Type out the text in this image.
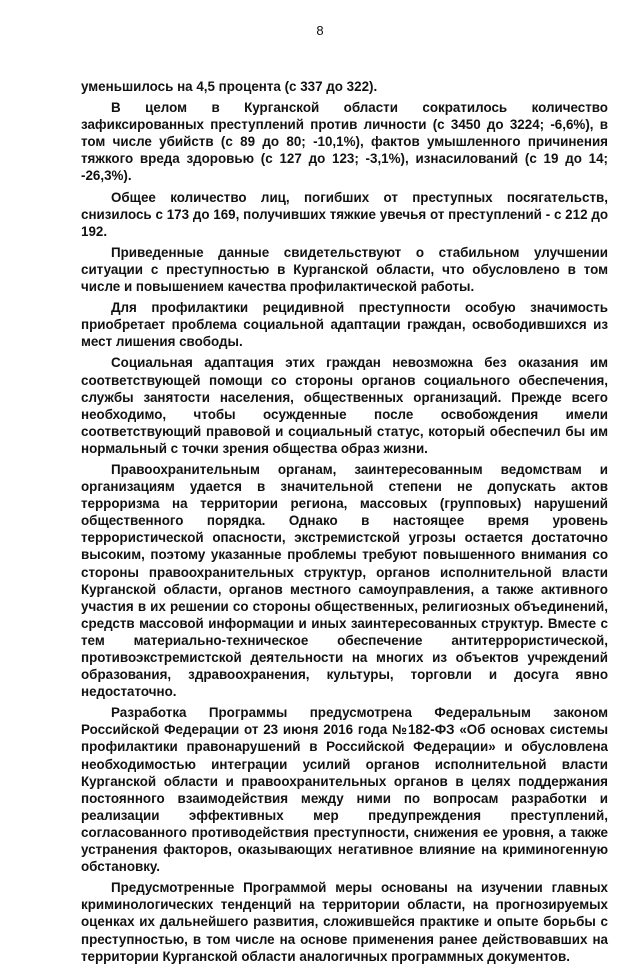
8

уменьшилось на 4,5 процента (с 337 до 322).

В целом в Курганской области сократилось количество зафиксированных преступлений против личности (с 3450 до 3224; -6,6%), в том числе убийств (с 89 до 80; -10,1%), фактов умышленного причинения тяжкого вреда здоровью (с 127 до 123; -3,1%), изнасилований (с 19 до 14; -26,3%).

Общее количество лиц, погибших от преступных посягательств, снизилось с 173 до 169, получивших тяжкие увечья от преступлений - с 212 до 192.

Приведенные данные свидетельствуют о стабильном улучшении ситуации с преступностью в Курганской области, что обусловлено в том числе и повышением качества профилактической работы.

Для профилактики рецидивной преступности особую значимость приобретает проблема социальной адаптации граждан, освободившихся из мест лишения свободы.

Социальная адаптация этих граждан невозможна без оказания им соответствующей помощи со стороны органов социального обеспечения, службы занятости населения, общественных организаций. Прежде всего необходимо, чтобы осужденные после освобождения имели соответствующий правовой и социальный статус, который обеспечил бы им нормальный с точки зрения общества образ жизни.

Правоохранительным органам, заинтересованным ведомствам и организациям удается в значительной степени не допускать актов терроризма на территории региона, массовых (групповых) нарушений общественного порядка. Однако в настоящее время уровень террористической опасности, экстремистской угрозы остается достаточно высоким, поэтому указанные проблемы требуют повышенного внимания со стороны правоохранительных структур, органов исполнительной власти Курганской области, органов местного самоуправления, а также активного участия в их решении со стороны общественных, религиозных объединений, средств массовой информации и иных заинтересованных структур. Вместе с тем материально-техническое обеспечение антитеррористической, противоэкстремистской деятельности на многих из объектов учреждений образования, здравоохранения, культуры, торговли и досуга явно недостаточно.

Разработка Программы предусмотрена Федеральным законом Российской Федерации от 23 июня 2016 года №182-ФЗ «Об основах системы профилактики правонарушений в Российской Федерации» и обусловлена необходимостью интеграции усилий органов исполнительной власти Курганской области и правоохранительных органов в целях поддержания постоянного взаимодействия между ними по вопросам разработки и реализации эффективных мер предупреждения преступлений, согласованного противодействия преступности, снижения ее уровня, а также устранения факторов, оказывающих негативное влияние на криминогенную обстановку.

Предусмотренные Программой меры основаны на изучении главных криминологических тенденций на территории области, на прогнозируемых оценках их дальнейшего развития, сложившейся практике и опыте борьбы с преступностью, в том числе на основе применения ранее действовавших на территории Курганской области аналогичных программных документов.
